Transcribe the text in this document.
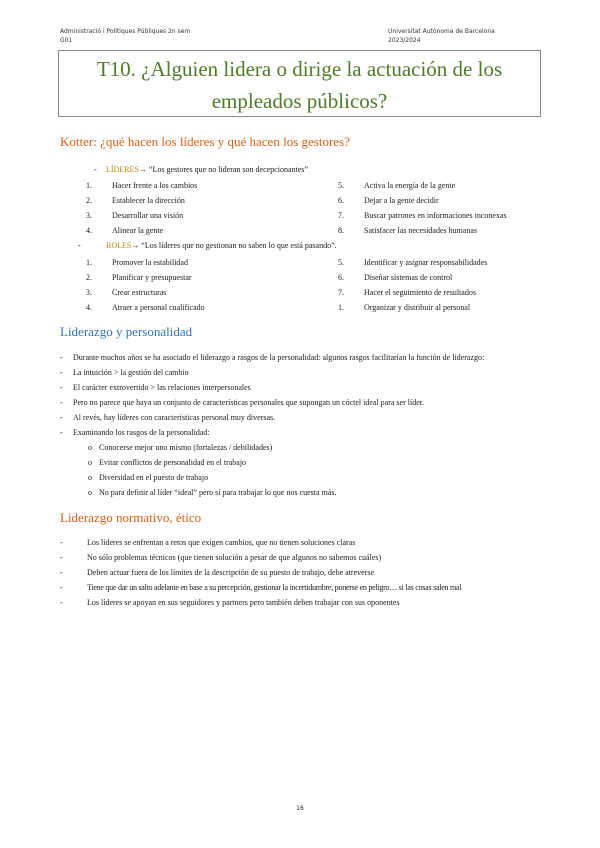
Administració i Polítiques Públiques 2n sem
G01
Universitat Autònoma de Barcelona
2023/2024
T10. ¿Alguien lidera o dirige la actuación de los empleados públicos?
Kotter: ¿qué hacen los líderes y qué hacen los gestores?
- LÍDERES→ “Los gestores que no lideran son decepcionantes”
1.	Hacer frente a los cambios
2.	Establecer la dirección
3.	Desarrollar una visión
4.	Alinear la gente
5.	Activa la energía de la gente
6.	Dejar a la gente decidir
7.	Buscar patrones en informaciones inconexas
8.	Satisfacer las necesidades humanas
-	ROLES→ “Los líderes que no gestionan no saben lo que está pasando”.
1.	Promover la estabilidad
2.	Planificar y presupuestar
3.	Crear estructuras
4.	Atraer a personal cualificado
5.	Identificar y asignar responsabilidades
6.	Diseñar sistemas de control
7.	Hacer el seguimiento de resultados
1.	Organizar y distribuir al personal
Liderazgo y personalidad
- Durante muchos años se ha asociado el liderazgo a rasgos de la personalidad: algunos rasgos facilitarían la función de liderazgo:
- La intuición > la gestión del cambio
- El carácter extrovertido > las relaciones interpersonales
- Pero no parece que haya un conjunto de características personales que supongan un cóctel ideal para ser líder.
- Al revés, hay líderes con características personal muy diversas.
- Examinando los rasgos de la personalidad:
o Conocerse mejor uno mismo (fortalezas / debilidades)
o Evitar conflictos de personalidad en el trabajo
o Diversidad en el puesto de trabajo
o No para definir al líder “ideal” pero sí para trabajar lo que nos cuesta más.
Liderazgo normativo, ético
-	Los líderes se enfrentan a retos que exigen cambios, que no tienen soluciones claras
-	No sólo problemas técnicos (que tienen solución a pesar de que algunos no sabemos cuáles)
-	Deben actuar fuera de los límites de la descripción de su puesto de trabajo, debe atreverse
-	Tiene que dar un salto adelante en base a su percepción, gestionar la incertidumbre, ponerse en peligro… si las cosas salen mal
-	Los líderes se apoyan en sus seguidores y partners pero también deben trabajar con sus oponentes
16
